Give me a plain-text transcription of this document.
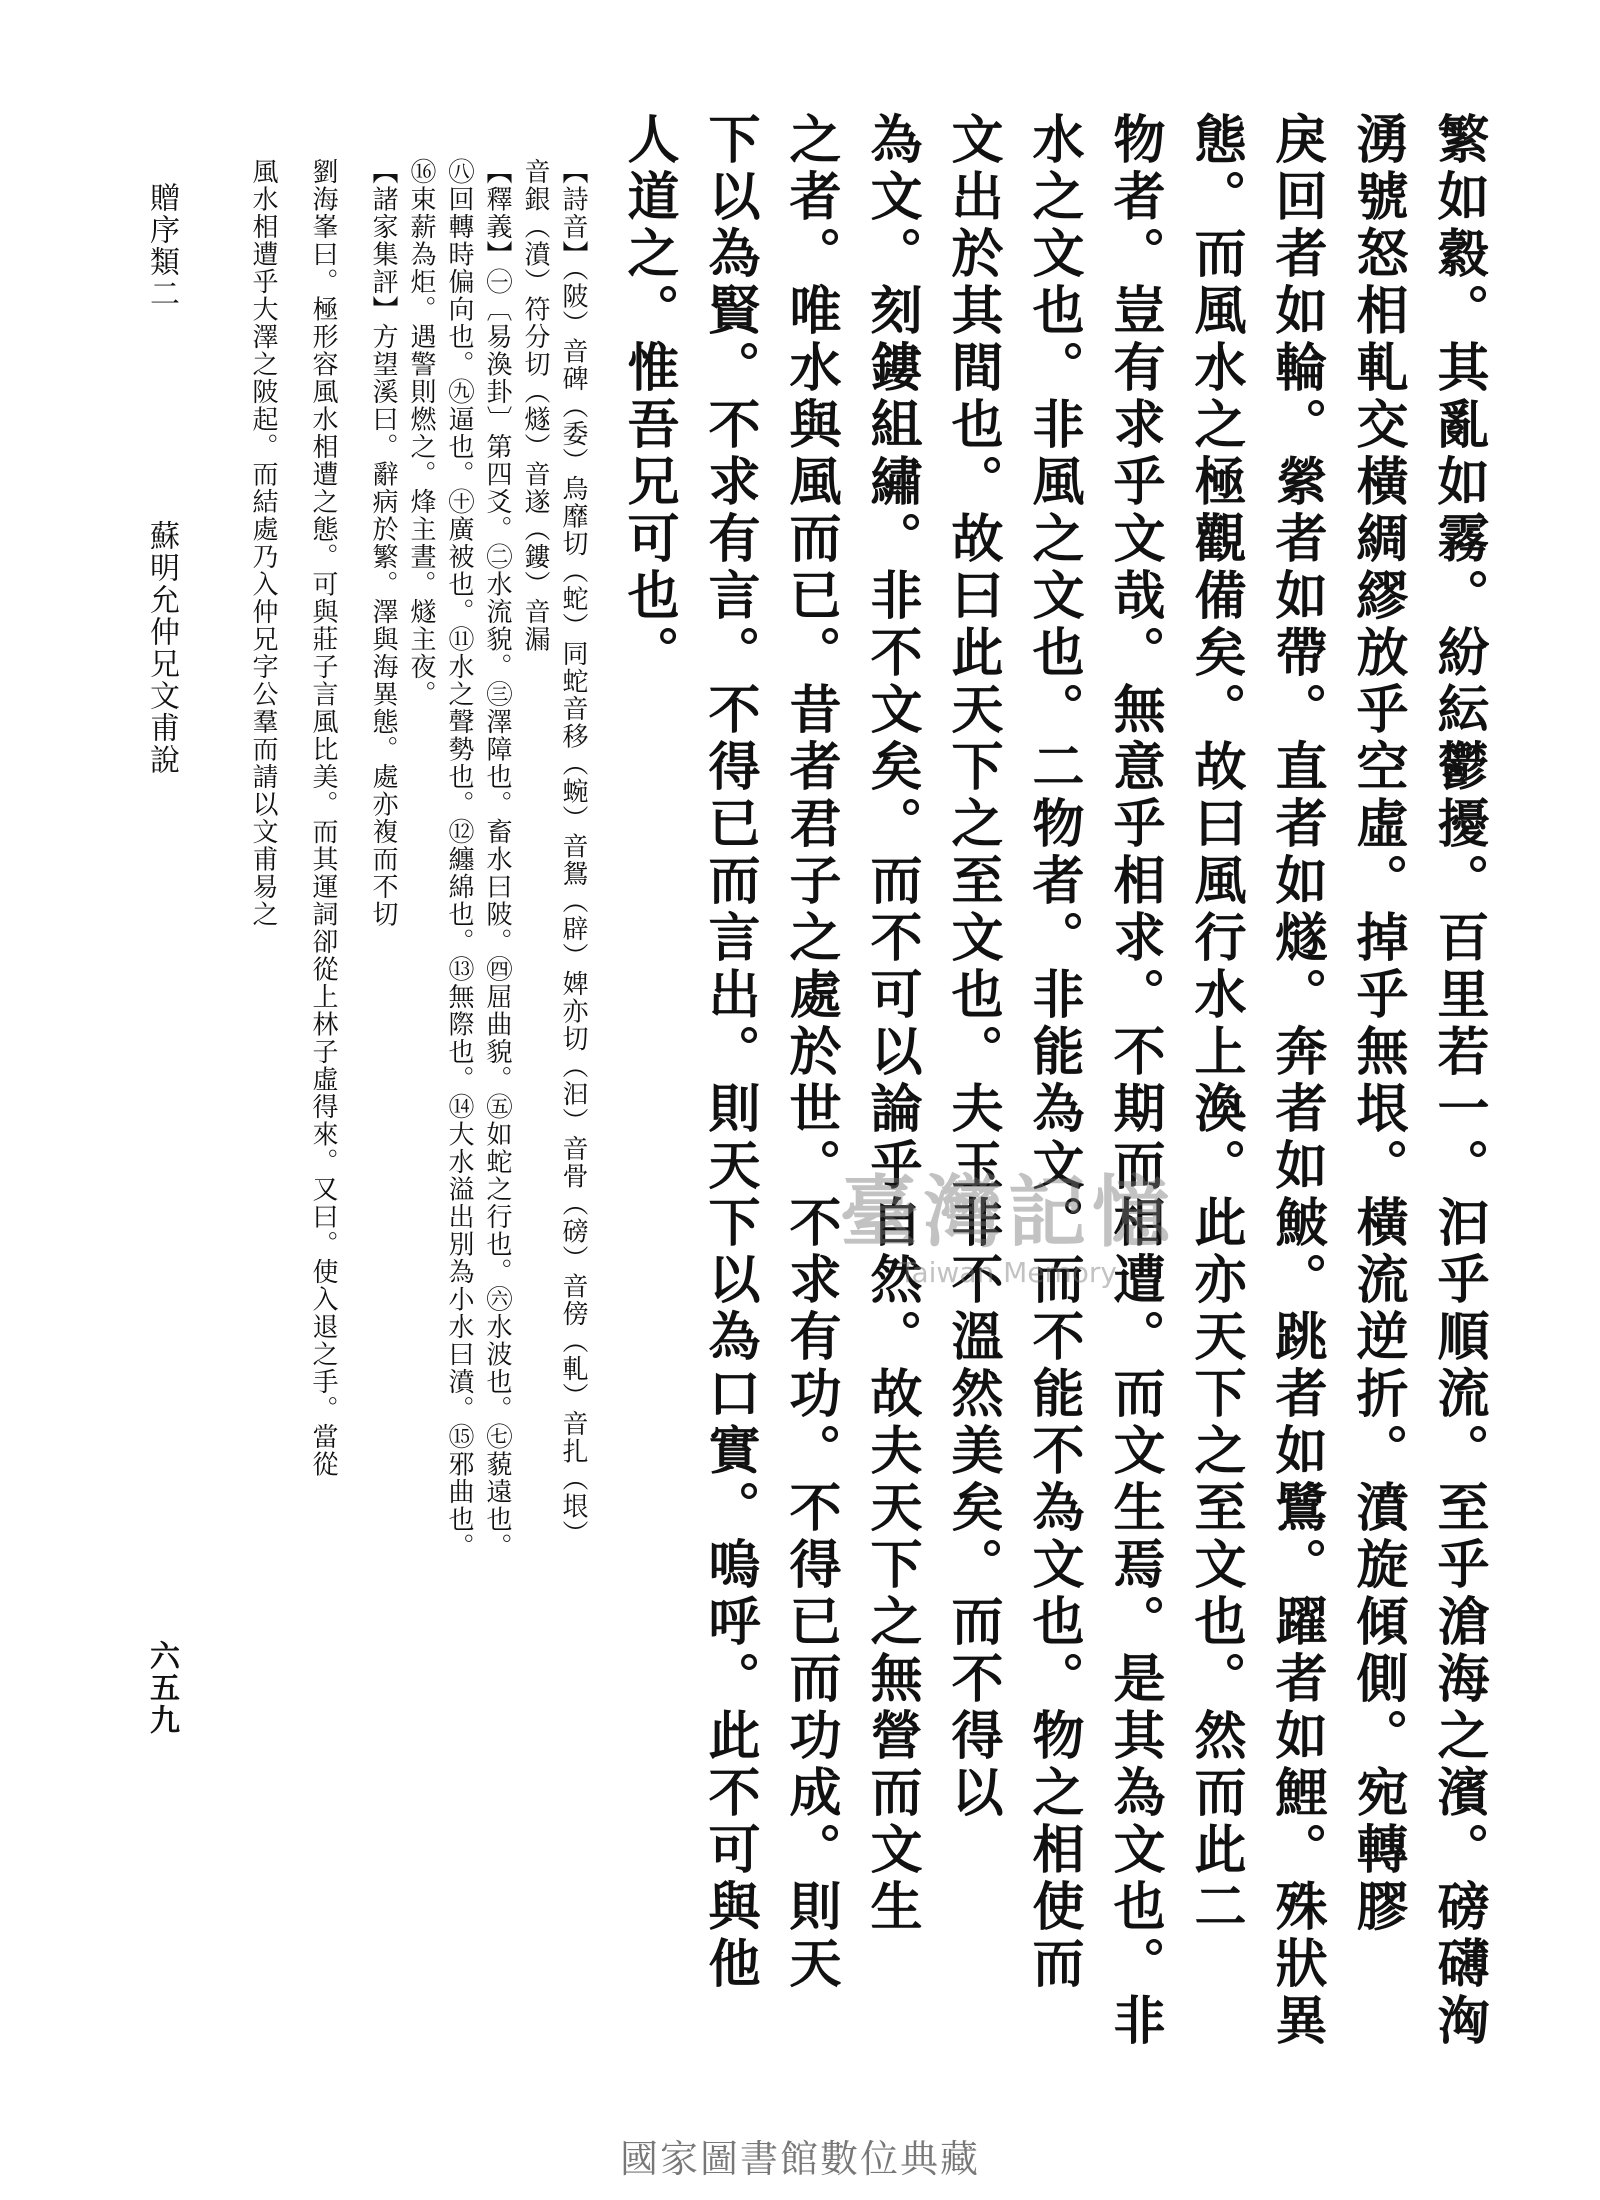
繁如縠。其亂如霧。紛紜鬱擾。百里若一。汩乎順流。至乎滄海之濱。磅礴洶
湧號怒相軋交橫綢繆放乎空虛。掉乎無垠。橫流逆折。濆旋傾側。宛轉膠
戾回者如輪。縈者如帶。直者如燧。奔者如鮍。跳者如鷺。躍者如鯉。殊狀異
態。而風水之極觀備矣。故曰風行水上渙。此亦天下之至文也。然而此二
物者。豈有求乎文哉。無意乎相求。不期而相遭。而文生焉。是其為文也。非
水之文也。非風之文也。二物者。非能為文。而不能不為文也。物之相使而
文出於其間也。故曰此天下之至文也。夫玉非不溫然美矣。而不得以
為文。刻鏤組繡。非不文矣。而不可以論乎自然。故夫天下之無營而文生
之者。唯水與風而已。昔者君子之處於世。不求有功。不得已而功成。則天
下以為賢。不求有言。不得已而言出。則天下以為口實。嗚呼。此不可與他
人道之。惟吾兄可也。
【詩音】（陂）音碑（委）烏靡切（蛇）同蛇音移（蜿）音鴛（辟）婢亦切（汩）音骨（磅）音傍（軋）音扎（垠）
音銀（濆）符分切（燧）音遂（鏤）音漏
【釋義】㊀〔易渙卦〕第四爻。㊁水流貌。㊂澤障也。畜水曰陂。㊃屈曲貌。㊄如蛇之行也。㊅水波也。㊆藐遠也。
㊇回轉時偏向也。㊈逼也。㊉廣被也。⑪水之聲勢也。⑫纏綿也。⑬無際也。⑭大水溢出別為小水曰濆。⑮邪曲也。
⑯束薪為炬。遇警則燃之。烽主晝。燧主夜。
【諸家集評】方望溪曰。辭病於繁。澤與海異態。處亦複而不切
劉海峯曰。極形容風水相遭之態。可與莊子言風比美。而其運詞卻從上林子虛得來。又曰。使入退之手。當從
風水相遭乎大澤之陂起。而結處乃入仲兄字公羣而請以文甫易之
贈序類二
蘇明允仲兄文甫說
六五九
臺灣記憶
Taiwan Memory
國家圖書館數位典藏
